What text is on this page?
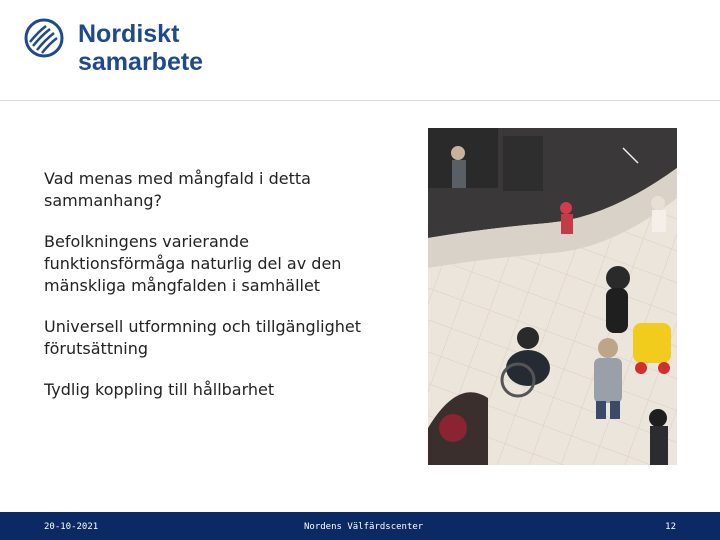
Nordiskt
samarbete
Vad menas med mångfald i detta sammanhang?
Befolkningens varierande funktionsförmåga naturlig del av den mänskliga mångfalden i samhället
Universell utformning och tillgänglighet förutsättning
Tydlig koppling till hållbarhet
20-10-2021	Nordens Välfärdscenter	12
